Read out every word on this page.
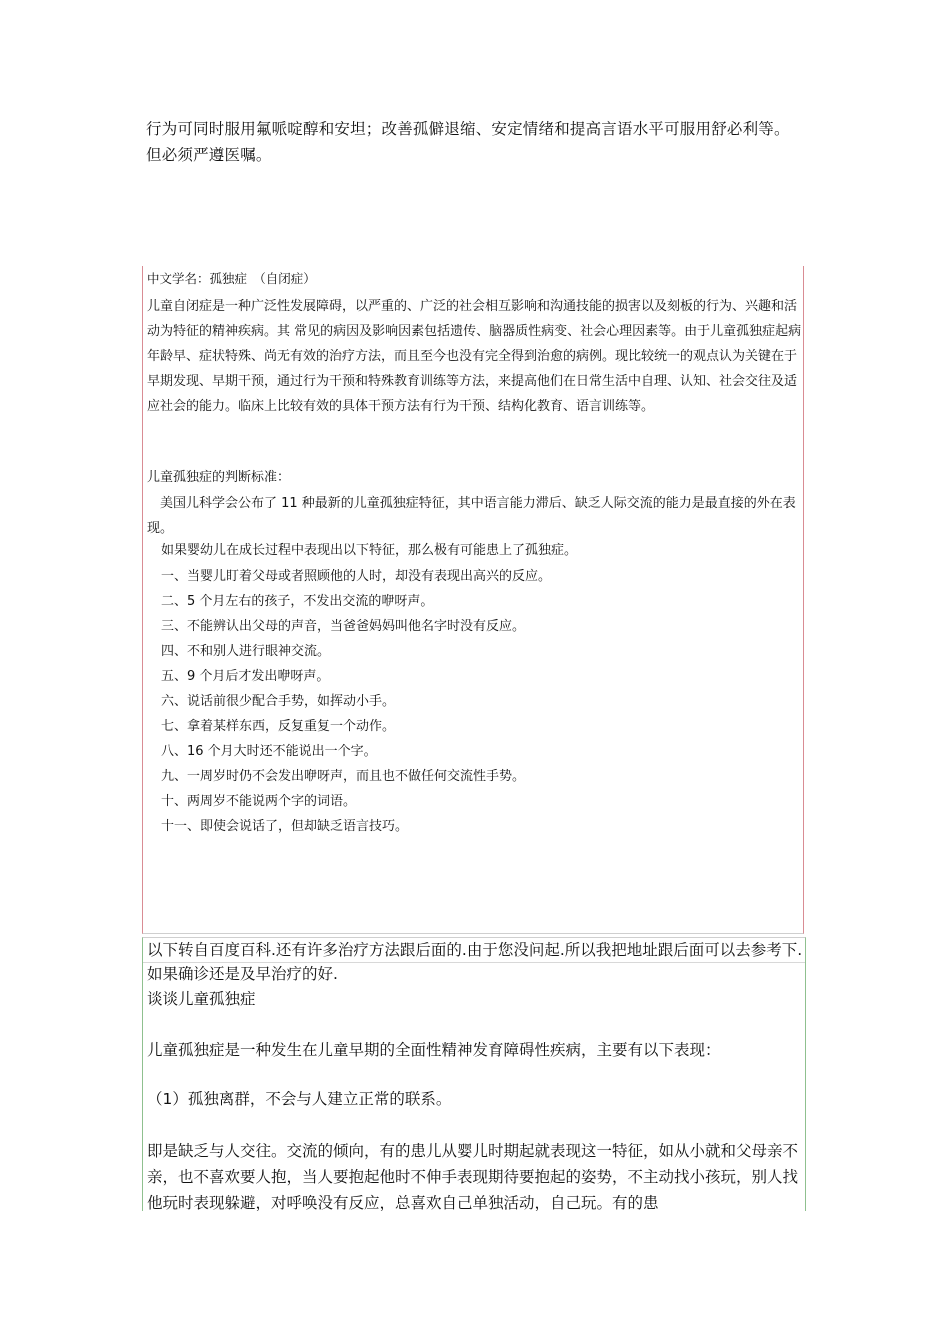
行为可同时服用氟哌啶醇和安坦；改善孤僻退缩、安定情绪和提高言语水平可服用舒必利等。

但必须严遵医嘱。

中文学名：孤独症　（自闭症）

儿童自闭症是一种广泛性发展障碍，以严重的、广泛的社会相互影响和沟通技能的损害以及刻板的行为、兴趣和活动为特征的精神疾病。其 常见的病因及影响因素包括遗传、脑器质性病变、社会心理因素等。由于儿童孤独症起病年龄早、症状特殊、尚无有效的治疗方法，而且至今也没有完全得到治愈的病例。现比较统一的观点认为关键在于早期发现、早期干预，通过行为干预和特殊教育训练等方法，来提高他们在日常生活中自理、认知、社会交往及适应社会的能力。临床上比较有效的具体干预方法有行为干预、结构化教育、语言训练等。

儿童孤独症的判断标准：

美国儿科学会公布了 11 种最新的儿童孤独症特征，其中语言能力滞后、缺乏人际交流的能力是最直接的外在表现。

如果婴幼儿在成长过程中表现出以下特征，那么极有可能患上了孤独症。

一、当婴儿盯着父母或者照顾他的人时，却没有表现出高兴的反应。
二、5 个月左右的孩子，不发出交流的咿呀声。
三、不能辨认出父母的声音，当爸爸妈妈叫他名字时没有反应。
四、不和别人进行眼神交流。
五、9 个月后才发出咿呀声。
六、说话前很少配合手势，如挥动小手。
七、拿着某样东西，反复重复一个动作。
八、16 个月大时还不能说出一个字。
九、一周岁时仍不会发出咿呀声，而且也不做任何交流性手势。
十、两周岁不能说两个字的词语。
十一、即使会说话了，但却缺乏语言技巧。

以下转自百度百科.还有许多治疗方法跟后面的.由于您没问起.所以我把地址跟后面可以去参考下.如果确诊还是及早治疗的好.

谈谈儿童孤独症

儿童孤独症是一种发生在儿童早期的全面性精神发育障碍性疾病，主要有以下表现：

（1）孤独离群，不会与人建立正常的联系。

即是缺乏与人交往。交流的倾向，有的患儿从婴儿时期起就表现这一特征，如从小就和父母亲不亲，也不喜欢要人抱，当人要抱起他时不伸手表现期待要抱起的姿势，不主动找小孩玩，别人找他玩时表现躲避，对呼唤没有反应，总喜欢自己单独活动，自己玩。有的患
